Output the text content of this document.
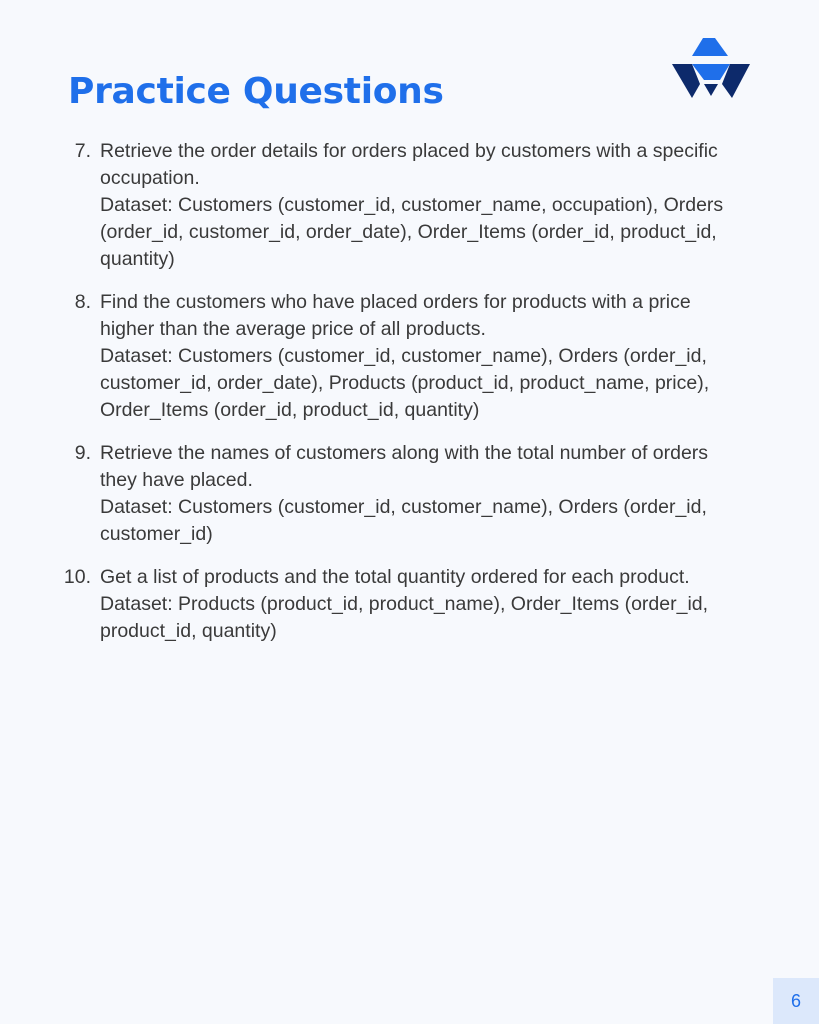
Practice Questions
7. Retrieve the order details for orders placed by customers with a specific occupation.
Dataset: Customers (customer_id, customer_name, occupation), Orders (order_id, customer_id, order_date), Order_Items (order_id, product_id, quantity)
8. Find the customers who have placed orders for products with a price higher than the average price of all products.
Dataset: Customers (customer_id, customer_name), Orders (order_id, customer_id, order_date), Products (product_id, product_name, price), Order_Items (order_id, product_id, quantity)
9. Retrieve the names of customers along with the total number of orders they have placed.
Dataset: Customers (customer_id, customer_name), Orders (order_id, customer_id)
10. Get a list of products and the total quantity ordered for each product.
Dataset: Products (product_id, product_name), Order_Items (order_id, product_id, quantity)
6
